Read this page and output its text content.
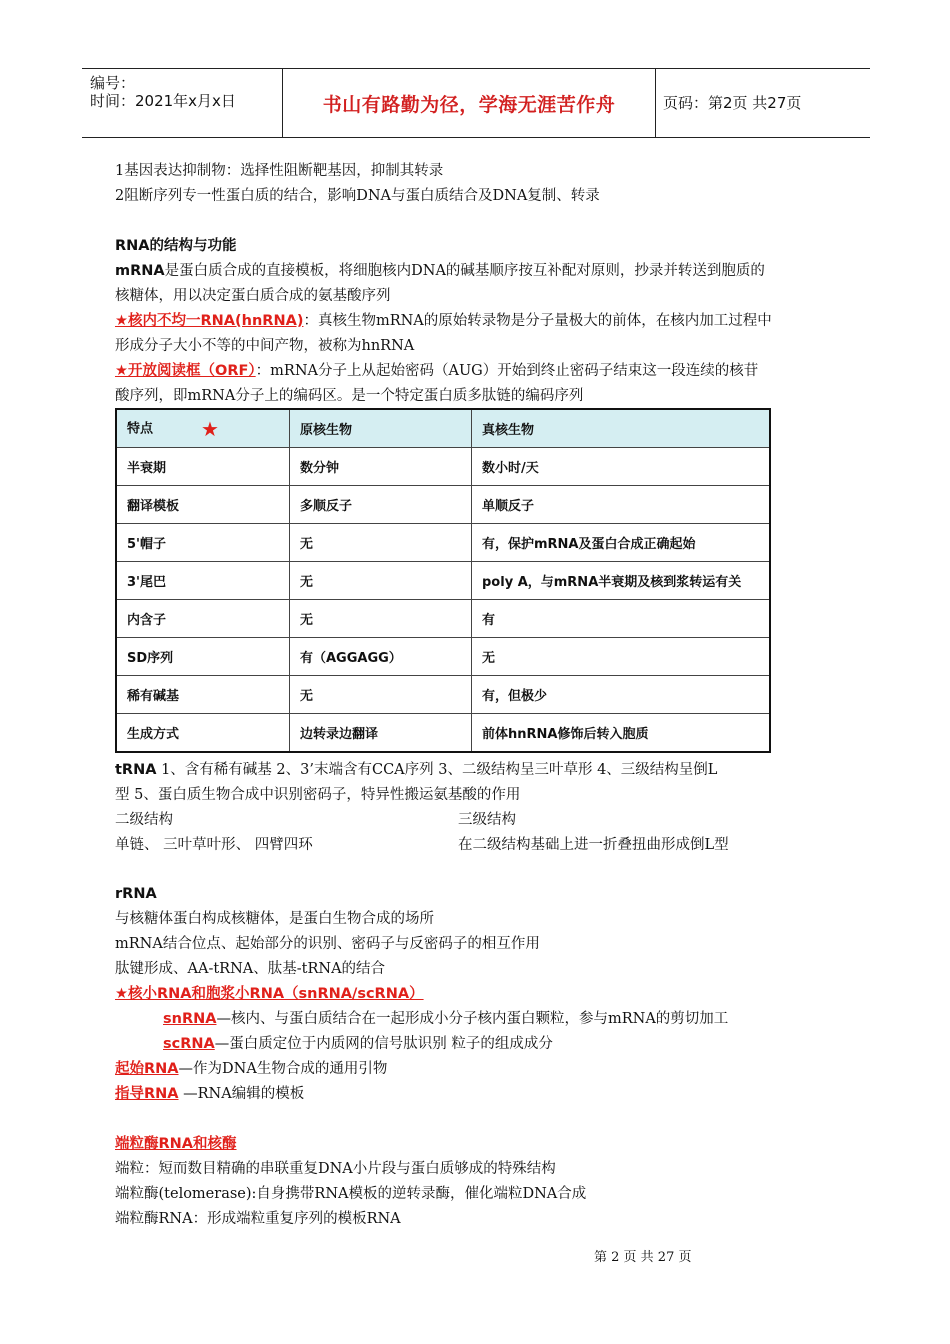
编号：
时间：2021年x月x日	书山有路勤为径，学海无涯苦作舟	页码：第2页 共27页
1基因表达抑制物：选择性阻断靶基因，抑制其转录
2阻断序列专一性蛋白质的结合，影响DNA与蛋白质结合及DNA复制、转录
RNA的结构与功能
mRNA是蛋白质合成的直接模板，将细胞核内DNA的碱基顺序按互补配对原则，抄录并转送到胞质的
核糖体，用以决定蛋白质合成的氨基酸序列
★核内不均一RNA(hnRNA)：真核生物mRNA的原始转录物是分子量极大的前体，在核内加工过程中
形成分子大小不等的中间产物，被称为hnRNA
★开放阅读框（ORF）：mRNA分子上从起始密码（AUG）开始到终止密码子结束这一段连续的核苷
酸序列，即mRNA分子上的编码区。是一个特定蛋白质多肽链的编码序列
特点 ★	原核生物	真核生物
半衰期	数分钟	数小时/天
翻译模板	多顺反子	单顺反子
5'帽子	无	有，保护mRNA及蛋白合成正确起始
3'尾巴	无	poly A，与mRNA半衰期及核到浆转运有关
内含子	无	有
SD序列	有（AGGAGG）	无
稀有碱基	无	有，但极少
生成方式	边转录边翻译	前体hnRNA修饰后转入胞质
tRNA 1、含有稀有碱基 2、3’末端含有CCA序列 3、二级结构呈三叶草形 4、三级结构呈倒L
型 5、蛋白质生物合成中识别密码子，特异性搬运氨基酸的作用
二级结构	三级结构
单链、 三叶草叶形、 四臂四环	在二级结构基础上进一折叠扭曲形成倒L型
rRNA
与核糖体蛋白构成核糖体，是蛋白生物合成的场所
mRNA结合位点、起始部分的识别、密码子与反密码子的相互作用
肽键形成、AA-tRNA、肽基-tRNA的结合
★核小RNA和胞浆小RNA（snRNA/scRNA）
snRNA—核内、与蛋白质结合在一起形成小分子核内蛋白颗粒，参与mRNA的剪切加工
scRNA—蛋白质定位于内质网的信号肽识别 粒子的组成成分
起始RNA—作为DNA生物合成的通用引物
指导RNA —RNA编辑的模板
端粒酶RNA和核酶
端粒：短而数目精确的串联重复DNA小片段与蛋白质够成的特殊结构
端粒酶(telomerase):自身携带RNA模板的逆转录酶，催化端粒DNA合成
端粒酶RNA：形成端粒重复序列的模板RNA
第 2 页 共 27 页
